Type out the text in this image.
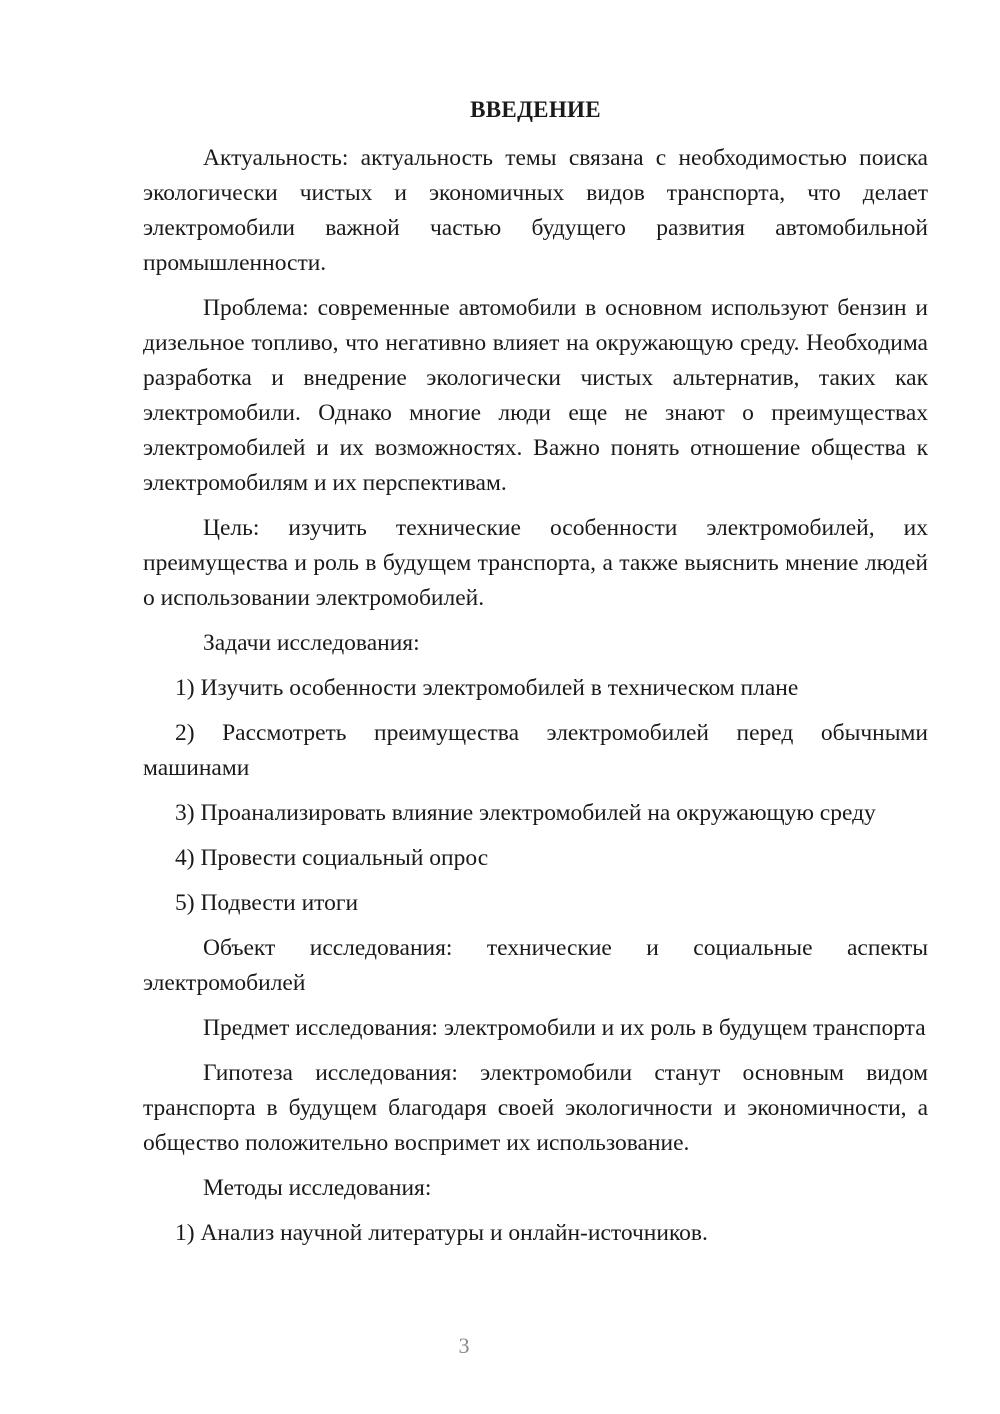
ВВЕДЕНИЕ

Актуальность: актуальность темы связана с необходимостью поиска экологически чистых и экономичных видов транспорта, что делает электромобили важной частью будущего развития автомобильной промышленности.

Проблема: современные автомобили в основном используют бензин и дизельное топливо, что негативно влияет на окружающую среду. Необходима разработка и внедрение экологически чистых альтернатив, таких как электромобили. Однако многие люди еще не знают о преимуществах электромобилей и их возможностях. Важно понять отношение общества к электромобилям и их перспективам.

Цель: изучить технические особенности электромобилей, их преимущества и роль в будущем транспорта, а также выяснить мнение людей о использовании электромобилей.

Задачи исследования:

1) Изучить особенности электромобилей в техническом плане

2) Рассмотреть преимущества электромобилей перед обычными машинами

3) Проанализировать влияние электромобилей на окружающую среду

4) Провести социальный опрос

5) Подвести итоги

Объект исследования: технические и социальные аспекты электромобилей

Предмет исследования: электромобили и их роль в будущем транспорта

Гипотеза исследования: электромобили станут основным видом транспорта в будущем благодаря своей экологичности и экономичности, а общество положительно воспримет их использование.

Методы исследования:

1) Анализ научной литературы и онлайн-источников.

3
